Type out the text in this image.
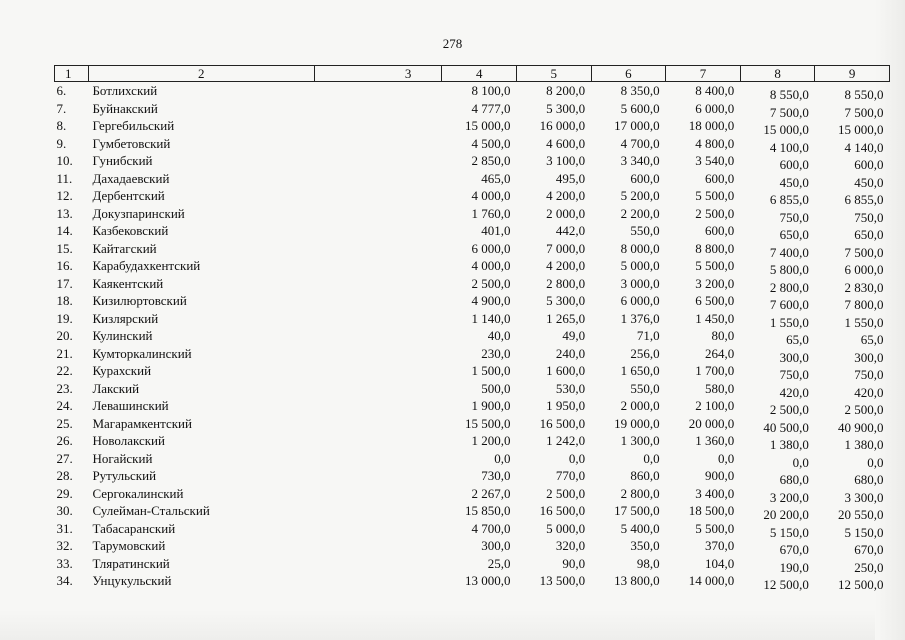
278
1	2	3	4	5	6	7	8	9
6.	Ботлихский		8 100,0	8 200,0	8 350,0	8 400,0	8 550,0	8 550,0
7.	Буйнакский		4 777,0	5 300,0	5 600,0	6 000,0	7 500,0	7 500,0
8.	Гергебильский		15 000,0	16 000,0	17 000,0	18 000,0	15 000,0	15 000,0
9.	Гумбетовский		4 500,0	4 600,0	4 700,0	4 800,0	4 100,0	4 140,0
10.	Гунибский		2 850,0	3 100,0	3 340,0	3 540,0	600,0	600,0
11.	Дахадаевский		465,0	495,0	600,0	600,0	450,0	450,0
12.	Дербентский		4 000,0	4 200,0	5 200,0	5 500,0	6 855,0	6 855,0
13.	Докузпаринский		1 760,0	2 000,0	2 200,0	2 500,0	750,0	750,0
14.	Казбековский		401,0	442,0	550,0	600,0	650,0	650,0
15.	Кайтагский		6 000,0	7 000,0	8 000,0	8 800,0	7 400,0	7 500,0
16.	Карабудахкентский		4 000,0	4 200,0	5 000,0	5 500,0	5 800,0	6 000,0
17.	Каякентский		2 500,0	2 800,0	3 000,0	3 200,0	2 800,0	2 830,0
18.	Кизилюртовский		4 900,0	5 300,0	6 000,0	6 500,0	7 600,0	7 800,0
19.	Кизлярский		1 140,0	1 265,0	1 376,0	1 450,0	1 550,0	1 550,0
20.	Кулинский		40,0	49,0	71,0	80,0	65,0	65,0
21.	Кумторкалинский		230,0	240,0	256,0	264,0	300,0	300,0
22.	Курахский		1 500,0	1 600,0	1 650,0	1 700,0	750,0	750,0
23.	Лакский		500,0	530,0	550,0	580,0	420,0	420,0
24.	Левашинский		1 900,0	1 950,0	2 000,0	2 100,0	2 500,0	2 500,0
25.	Магарамкентский		15 500,0	16 500,0	19 000,0	20 000,0	40 500,0	40 900,0
26.	Новолакский		1 200,0	1 242,0	1 300,0	1 360,0	1 380,0	1 380,0
27.	Ногайский		0,0	0,0	0,0	0,0	0,0	0,0
28.	Рутульский		730,0	770,0	860,0	900,0	680,0	680,0
29.	Сергокалинский		2 267,0	2 500,0	2 800,0	3 400,0	3 200,0	3 300,0
30.	Сулейман-Стальский		15 850,0	16 500,0	17 500,0	18 500,0	20 200,0	20 550,0
31.	Табасаранский		4 700,0	5 000,0	5 400,0	5 500,0	5 150,0	5 150,0
32.	Тарумовский		300,0	320,0	350,0	370,0	670,0	670,0
33.	Тляратинский		25,0	90,0	98,0	104,0	190,0	250,0
34.	Унцукульский		13 000,0	13 500,0	13 800,0	14 000,0	12 500,0	12 500,0
